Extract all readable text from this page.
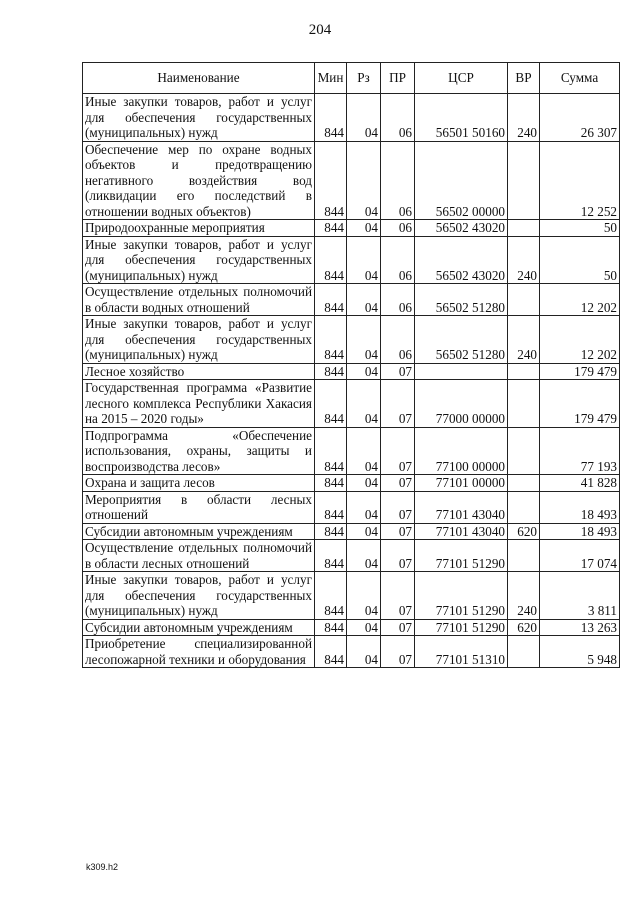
204
Наименование	Мин	Рз	ПР	ЦСР	ВР	Сумма
Иные закупки товаров, работ и услуг для обеспечения государственных (муниципальных) нужд	844	04	06	56501 50160	240	26 307
Обеспечение мер по охране водных объектов и предотвращению негативного воздействия вод (ликвидации его последствий в отношении водных объектов)	844	04	06	56502 00000		12 252
Природоохранные мероприятия	844	04	06	56502 43020		50
Иные закупки товаров, работ и услуг для обеспечения государственных (муниципальных) нужд	844	04	06	56502 43020	240	50
Осуществление отдельных полномочий в области водных отношений	844	04	06	56502 51280		12 202
Иные закупки товаров, работ и услуг для обеспечения государственных (муниципальных) нужд	844	04	06	56502 51280	240	12 202
Лесное хозяйство	844	04	07			179 479
Государственная программа «Развитие лесного комплекса Республики Хакасия на 2015 – 2020 годы»	844	04	07	77000 00000		179 479
Подпрограмма «Обеспечение использования, охраны, защиты и воспроизводства лесов»	844	04	07	77100 00000		77 193
Охрана и защита лесов	844	04	07	77101 00000		41 828
Мероприятия в области лесных отношений	844	04	07	77101 43040		18 493
Субсидии автономным учреждениям	844	04	07	77101 43040	620	18 493
Осуществление отдельных полномочий в области лесных отношений	844	04	07	77101 51290		17 074
Иные закупки товаров, работ и услуг для обеспечения государственных (муниципальных) нужд	844	04	07	77101 51290	240	3 811
Субсидии автономным учреждениям	844	04	07	77101 51290	620	13 263
Приобретение специализированной лесопожарной техники и оборудования	844	04	07	77101 51310		5 948
k309.h2
